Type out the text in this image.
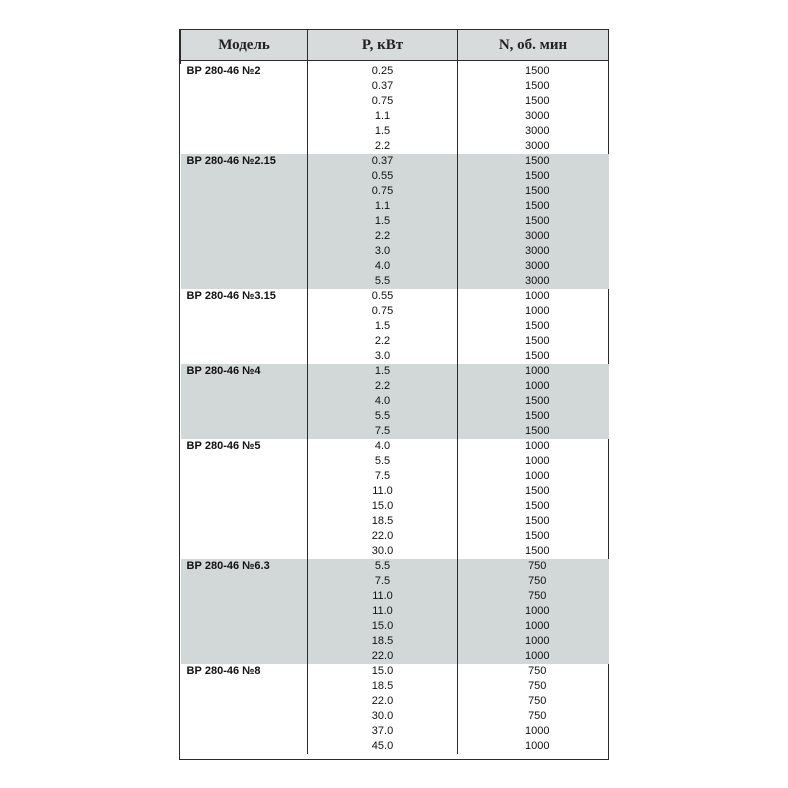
Модель	P, кВт	N, об. мин

ВР 280-46 №2	0.25	1500
	0.37	1500
	0.75	1500
	1.1	3000
	1.5	3000
	2.2	3000
ВР 280-46 №2.15	0.37	1500
	0.55	1500
	0.75	1500
	1.1	1500
	1.5	1500
	2.2	3000
	3.0	3000
	4.0	3000
	5.5	3000
ВР 280-46 №3.15	0.55	1000
	0.75	1000
	1.5	1500
	2.2	1500
	3.0	1500
ВР 280-46 №4	1.5	1000
	2.2	1000
	4.0	1500
	5.5	1500
	7.5	1500
ВР 280-46 №5	4.0	1000
	5.5	1000
	7.5	1000
	11.0	1500
	15.0	1500
	18.5	1500
	22.0	1500
	30.0	1500
ВР 280-46 №6.3	5.5	750
	7.5	750
	11.0	750
	11.0	1000
	15.0	1000
	18.5	1000
	22.0	1000
ВР 280-46 №8	15.0	750
	18.5	750
	22.0	750
	30.0	750
	37.0	1000
	45.0	1000
